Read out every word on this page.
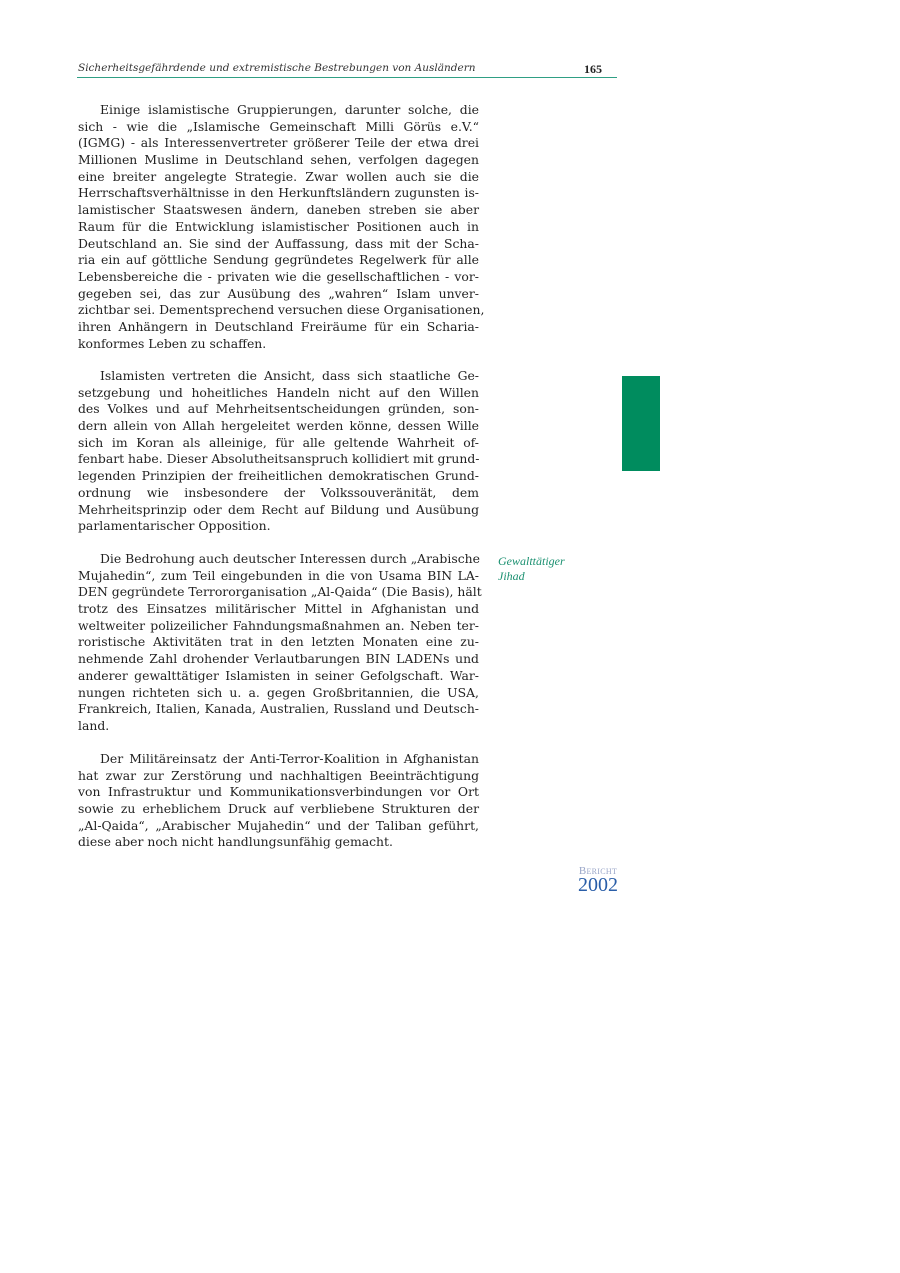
Sicherheitsgefährdende und extremistische Bestrebungen von Ausländern	165
Einige islamistische Gruppierungen, darunter solche, die
sich - wie die „Islamische Gemeinschaft Milli Görüs e.V.“
(IGMG) - als Interessenvertreter größerer Teile der etwa drei
Millionen Muslime in Deutschland sehen, verfolgen dagegen
eine breiter angelegte Strategie. Zwar wollen auch sie die
Herrschaftsverhältnisse in den Herkunftsländern zugunsten is-
lamistischer Staatswesen ändern, daneben streben sie aber
Raum für die Entwicklung islamistischer Positionen auch in
Deutschland an. Sie sind der Auffassung, dass mit der Scha-
ria ein auf göttliche Sendung gegründetes Regelwerk für alle
Lebensbereiche die - privaten wie die gesellschaftlichen - vor-
gegeben sei, das zur Ausübung des „wahren“ Islam unver-
zichtbar sei. Dementsprechend versuchen diese Organisationen,
ihren Anhängern in Deutschland Freiräume für ein Scharia-
konformes Leben zu schaffen.
Islamisten vertreten die Ansicht, dass sich staatliche Ge-
setzgebung und hoheitliches Handeln nicht auf den Willen
des Volkes und auf Mehrheitsentscheidungen gründen, son-
dern allein von Allah hergeleitet werden könne, dessen Wille
sich im Koran als alleinige, für alle geltende Wahrheit of-
fenbart habe. Dieser Absolutheitsanspruch kollidiert mit grund-
legenden Prinzipien der freiheitlichen demokratischen Grund-
ordnung wie insbesondere der Volkssouveränität, dem
Mehrheitsprinzip oder dem Recht auf Bildung und Ausübung
parlamentarischer Opposition.
Die Bedrohung auch deutscher Interessen durch „Arabische
Mujahedin“, zum Teil eingebunden in die von Usama BIN LA-
DEN gegründete Terrororganisation „Al-Qaida“ (Die Basis), hält
trotz des Einsatzes militärischer Mittel in Afghanistan und
weltweiter polizeilicher Fahndungsmaßnahmen an. Neben ter-
roristische Aktivitäten trat in den letzten Monaten eine zu-
nehmende Zahl drohender Verlautbarungen BIN LADENs und
anderer gewalttätiger Islamisten in seiner Gefolgschaft. War-
nungen richteten sich u. a. gegen Großbritannien, die USA,
Frankreich, Italien, Kanada, Australien, Russland und Deutsch-
land.
Der Militäreinsatz der Anti-Terror-Koalition in Afghanistan
hat zwar zur Zerstörung und nachhaltigen Beeinträchtigung
von Infrastruktur und Kommunikationsverbindungen vor Ort
sowie zu erheblichem Druck auf verbliebene Strukturen der
„Al-Qaida“, „Arabischer Mujahedin“ und der Taliban geführt,
diese aber noch nicht handlungsunfähig gemacht.
Gewalttätiger
Jihad
Bericht
2002
